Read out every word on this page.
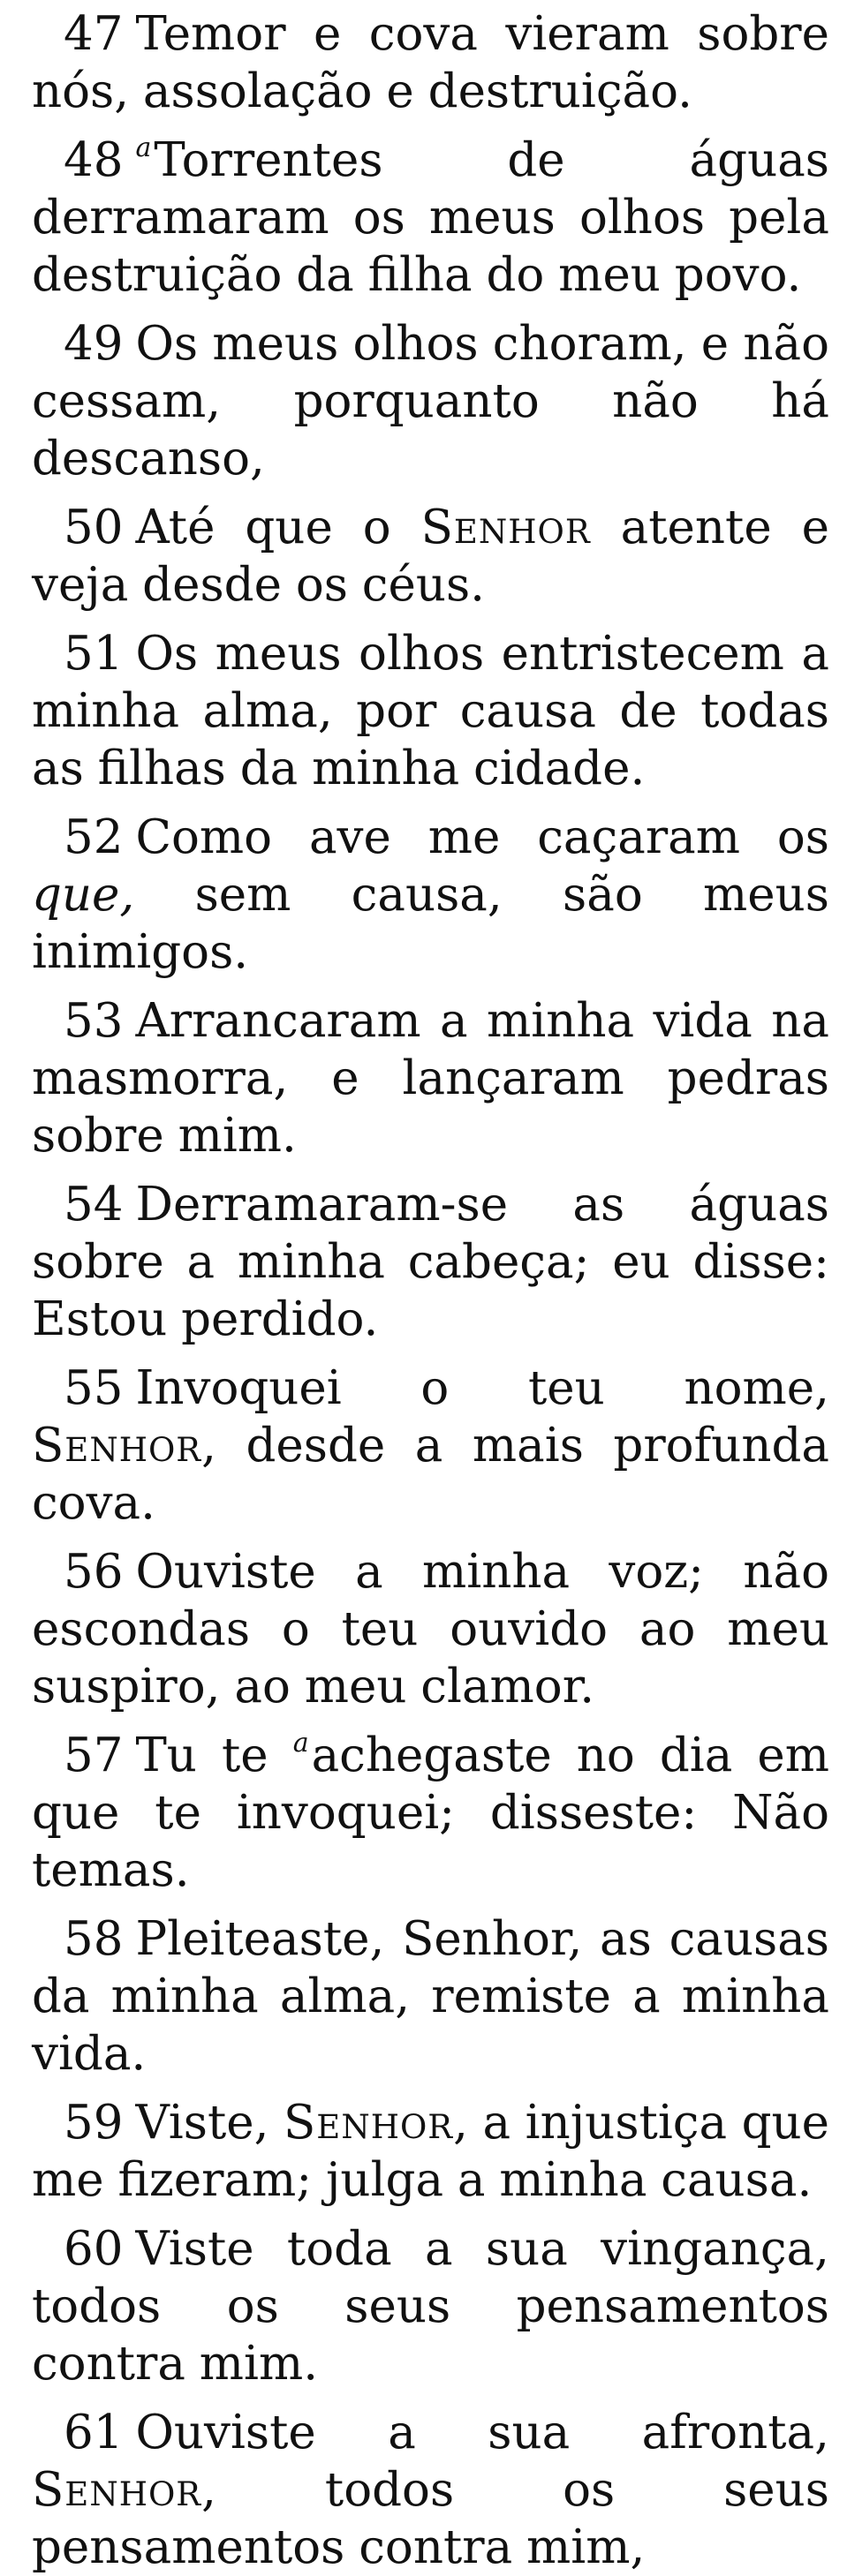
47 Temor e cova vieram sobre nós, assolação e destruição.

48 $^a$Torrentes de águas derramaram os meus olhos pela destruição da filha do meu povo.

49 Os meus olhos choram, e não cessam, porquanto não há descanso,

50 Até que o Senhor atente e veja desde os céus.

51 Os meus olhos entristecem a minha alma, por causa de todas as filhas da minha cidade.

52 Como ave me caçaram os que, sem causa, são meus inimigos.

53 Arrancaram a minha vida na masmorra, e lançaram pedras sobre mim.

54 Derramaram-se as águas sobre a minha cabeça; eu disse: Estou perdido.

55 Invoquei o teu nome, Senhor, desde a mais profunda cova.

56 Ouviste a minha voz; não escondas o teu ouvido ao meu suspiro, ao meu clamor.

57 Tu te $^a$achegaste no dia em que te invoquei; disseste: Não temas.

58 Pleiteaste, Senhor, as causas da minha alma, remiste a minha vida.

59 Viste, Senhor, a injustiça que me fizeram; julga a minha causa.

60 Viste toda a sua vingança, todos os seus pensamentos contra mim.

61 Ouviste a sua afronta, Senhor, todos os seus pensamentos contra mim,
